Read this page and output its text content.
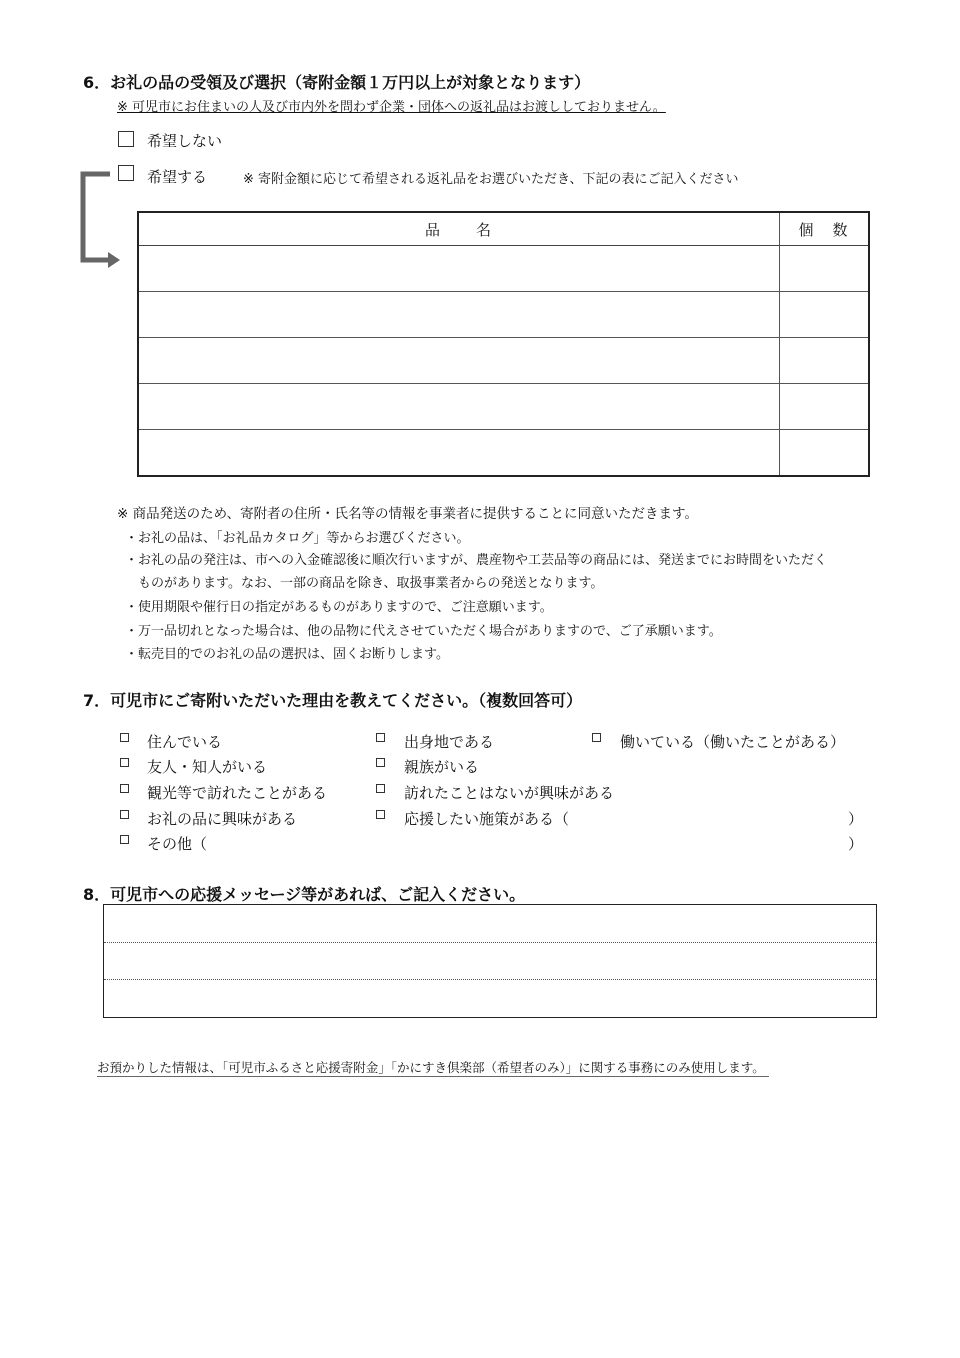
6．お礼の品の受領及び選択（寄附金額１万円以上が対象となります）
※ 可児市にお住まいの人及び市内外を問わず企業・団体への返礼品はお渡ししておりません。
希望しない
希望する	※ 寄附金額に応じて希望される返礼品をお選びいただき、下記の表にご記入ください
品　　名	個　数

※ 商品発送のため、寄附者の住所・氏名等の情報を事業者に提供することに同意いただきます。
・お礼の品は、「お礼品カタログ」等からお選びください。
・お礼の品の発注は、市への入金確認後に順次行いますが、農産物や工芸品等の商品には、発送までにお時間をいただく
ものがあります。なお、一部の商品を除き、取扱事業者からの発送となります。
・使用期限や催行日の指定があるものがありますので、ご注意願います。
・万一品切れとなった場合は、他の品物に代えさせていただく場合がありますので、ご了承願います。
・転売目的でのお礼の品の選択は、固くお断りします。
7．可児市にご寄附いただいた理由を教えてください。（複数回答可）
住んでいる	出身地である	働いている（働いたことがある）
友人・知人がいる	親族がいる
観光等で訪れたことがある	訪れたことはないが興味がある
お礼の品に興味がある	応援したい施策がある（	）
その他（	）
8．可児市への応援メッセージ等があれば、ご記入ください。
お預かりした情報は、「可児市ふるさと応援寄附金」「かにすき倶楽部（希望者のみ）」に関する事務にのみ使用します。
